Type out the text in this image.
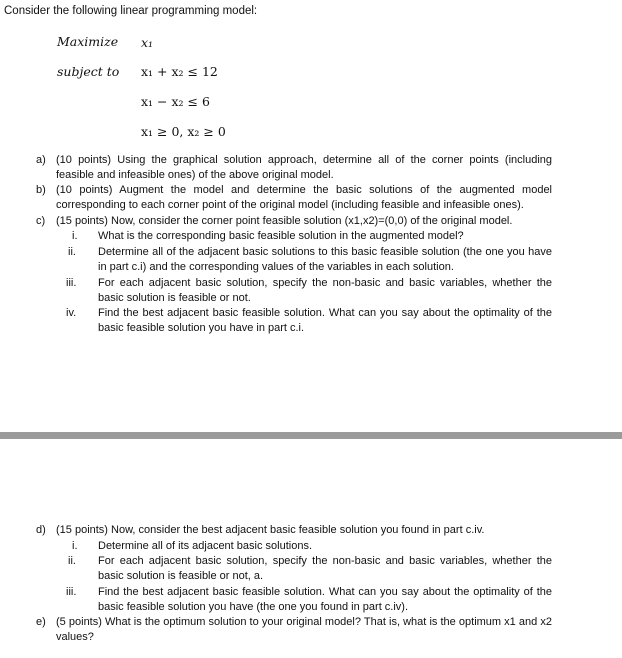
Consider the following linear programming model:
Maximize x₁
subject to x₁ + x₂ ≤ 12
x₁ − x₂ ≤ 6
x₁ ≥ 0, x₂ ≥ 0
a) (10 points) Using the graphical solution approach, determine all of the corner points (including feasible and infeasible ones) of the above original model.
b) (10 points) Augment the model and determine the basic solutions of the augmented model corresponding to each corner point of the original model (including feasible and infeasible ones).
c) (15 points) Now, consider the corner point feasible solution (x1,x2)=(0,0) of the original model.
i.	What is the corresponding basic feasible solution in the augmented model?
ii.	Determine all of the adjacent basic solutions to this basic feasible solution (the one you have in part c.i) and the corresponding values of the variables in each solution.
iii.	For each adjacent basic solution, specify the non-basic and basic variables, whether the basic solution is feasible or not.
iv.	Find the best adjacent basic feasible solution. What can you say about the optimality of the basic feasible solution you have in part c.i.
d) (15 points) Now, consider the best adjacent basic feasible solution you found in part c.iv.
i.	Determine all of its adjacent basic solutions.
ii.	For each adjacent basic solution, specify the non-basic and basic variables, whether the basic solution is feasible or not, a.
iii.	Find the best adjacent basic feasible solution. What can you say about the optimality of the basic feasible solution you have (the one you found in part c.iv).
e) (5 points) What is the optimum solution to your original model? That is, what is the optimum x1 and x2 values?
